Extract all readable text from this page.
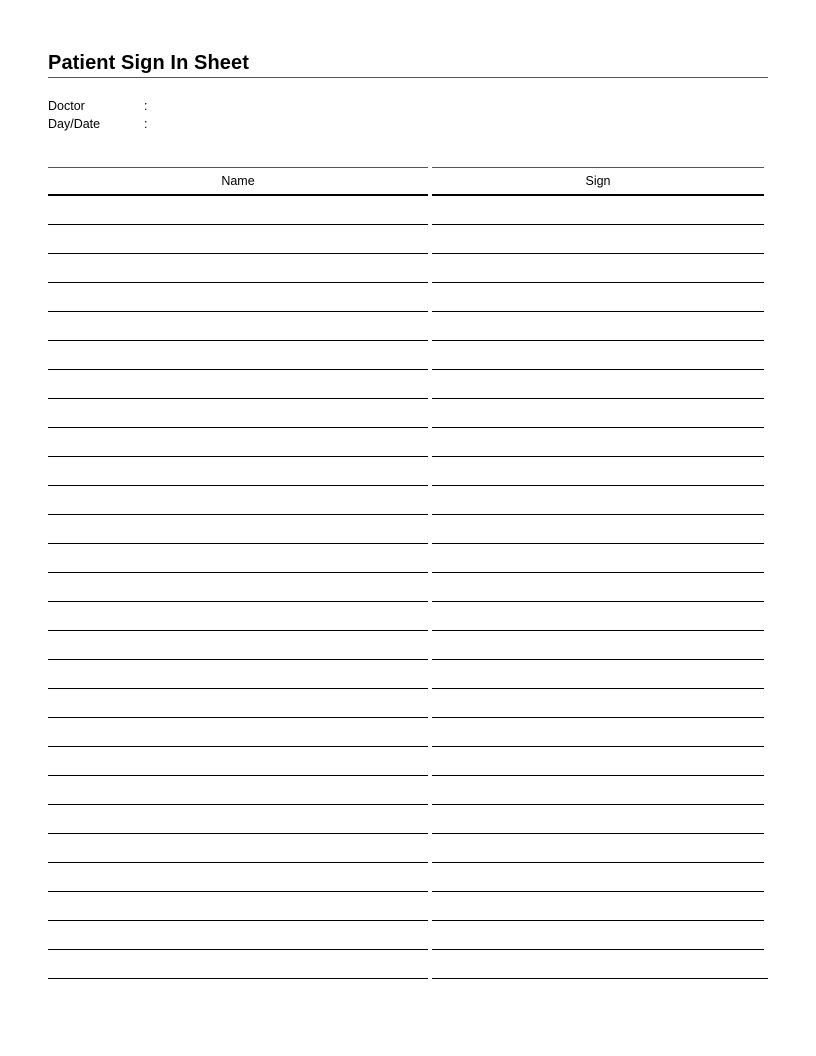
Patient Sign In Sheet
Doctor	:
Day/Date	:
Name	Sign
